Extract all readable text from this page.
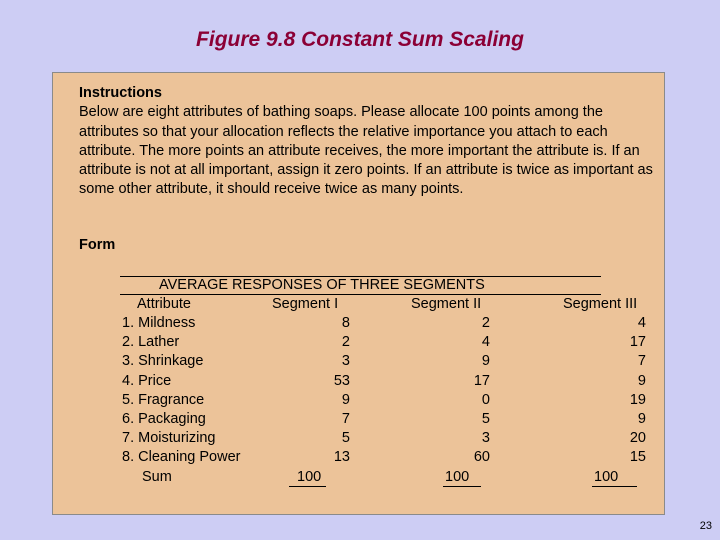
Figure 9.8 Constant Sum Scaling
Instructions
Below are eight attributes of bathing soaps. Please allocate 100 points among the attributes so that your allocation reflects the relative importance you attach to each attribute. The more points an attribute receives, the more important the attribute is. If an attribute is not at all important, assign it zero points. If an attribute is twice as important as some other attribute, it should receive twice as many points.
Form
AVERAGE RESPONSES OF THREE SEGMENTS
Attribute	Segment I	Segment II	Segment III
1. Mildness	8	2	4
2. Lather	2	4	17
3. Shrinkage	3	9	7
4. Price	53	17	9
5. Fragrance	9	0	19
6. Packaging	7	5	9
7. Moisturizing	5	3	20
8. Cleaning Power	13	60	15
Sum	100	100	100
23
